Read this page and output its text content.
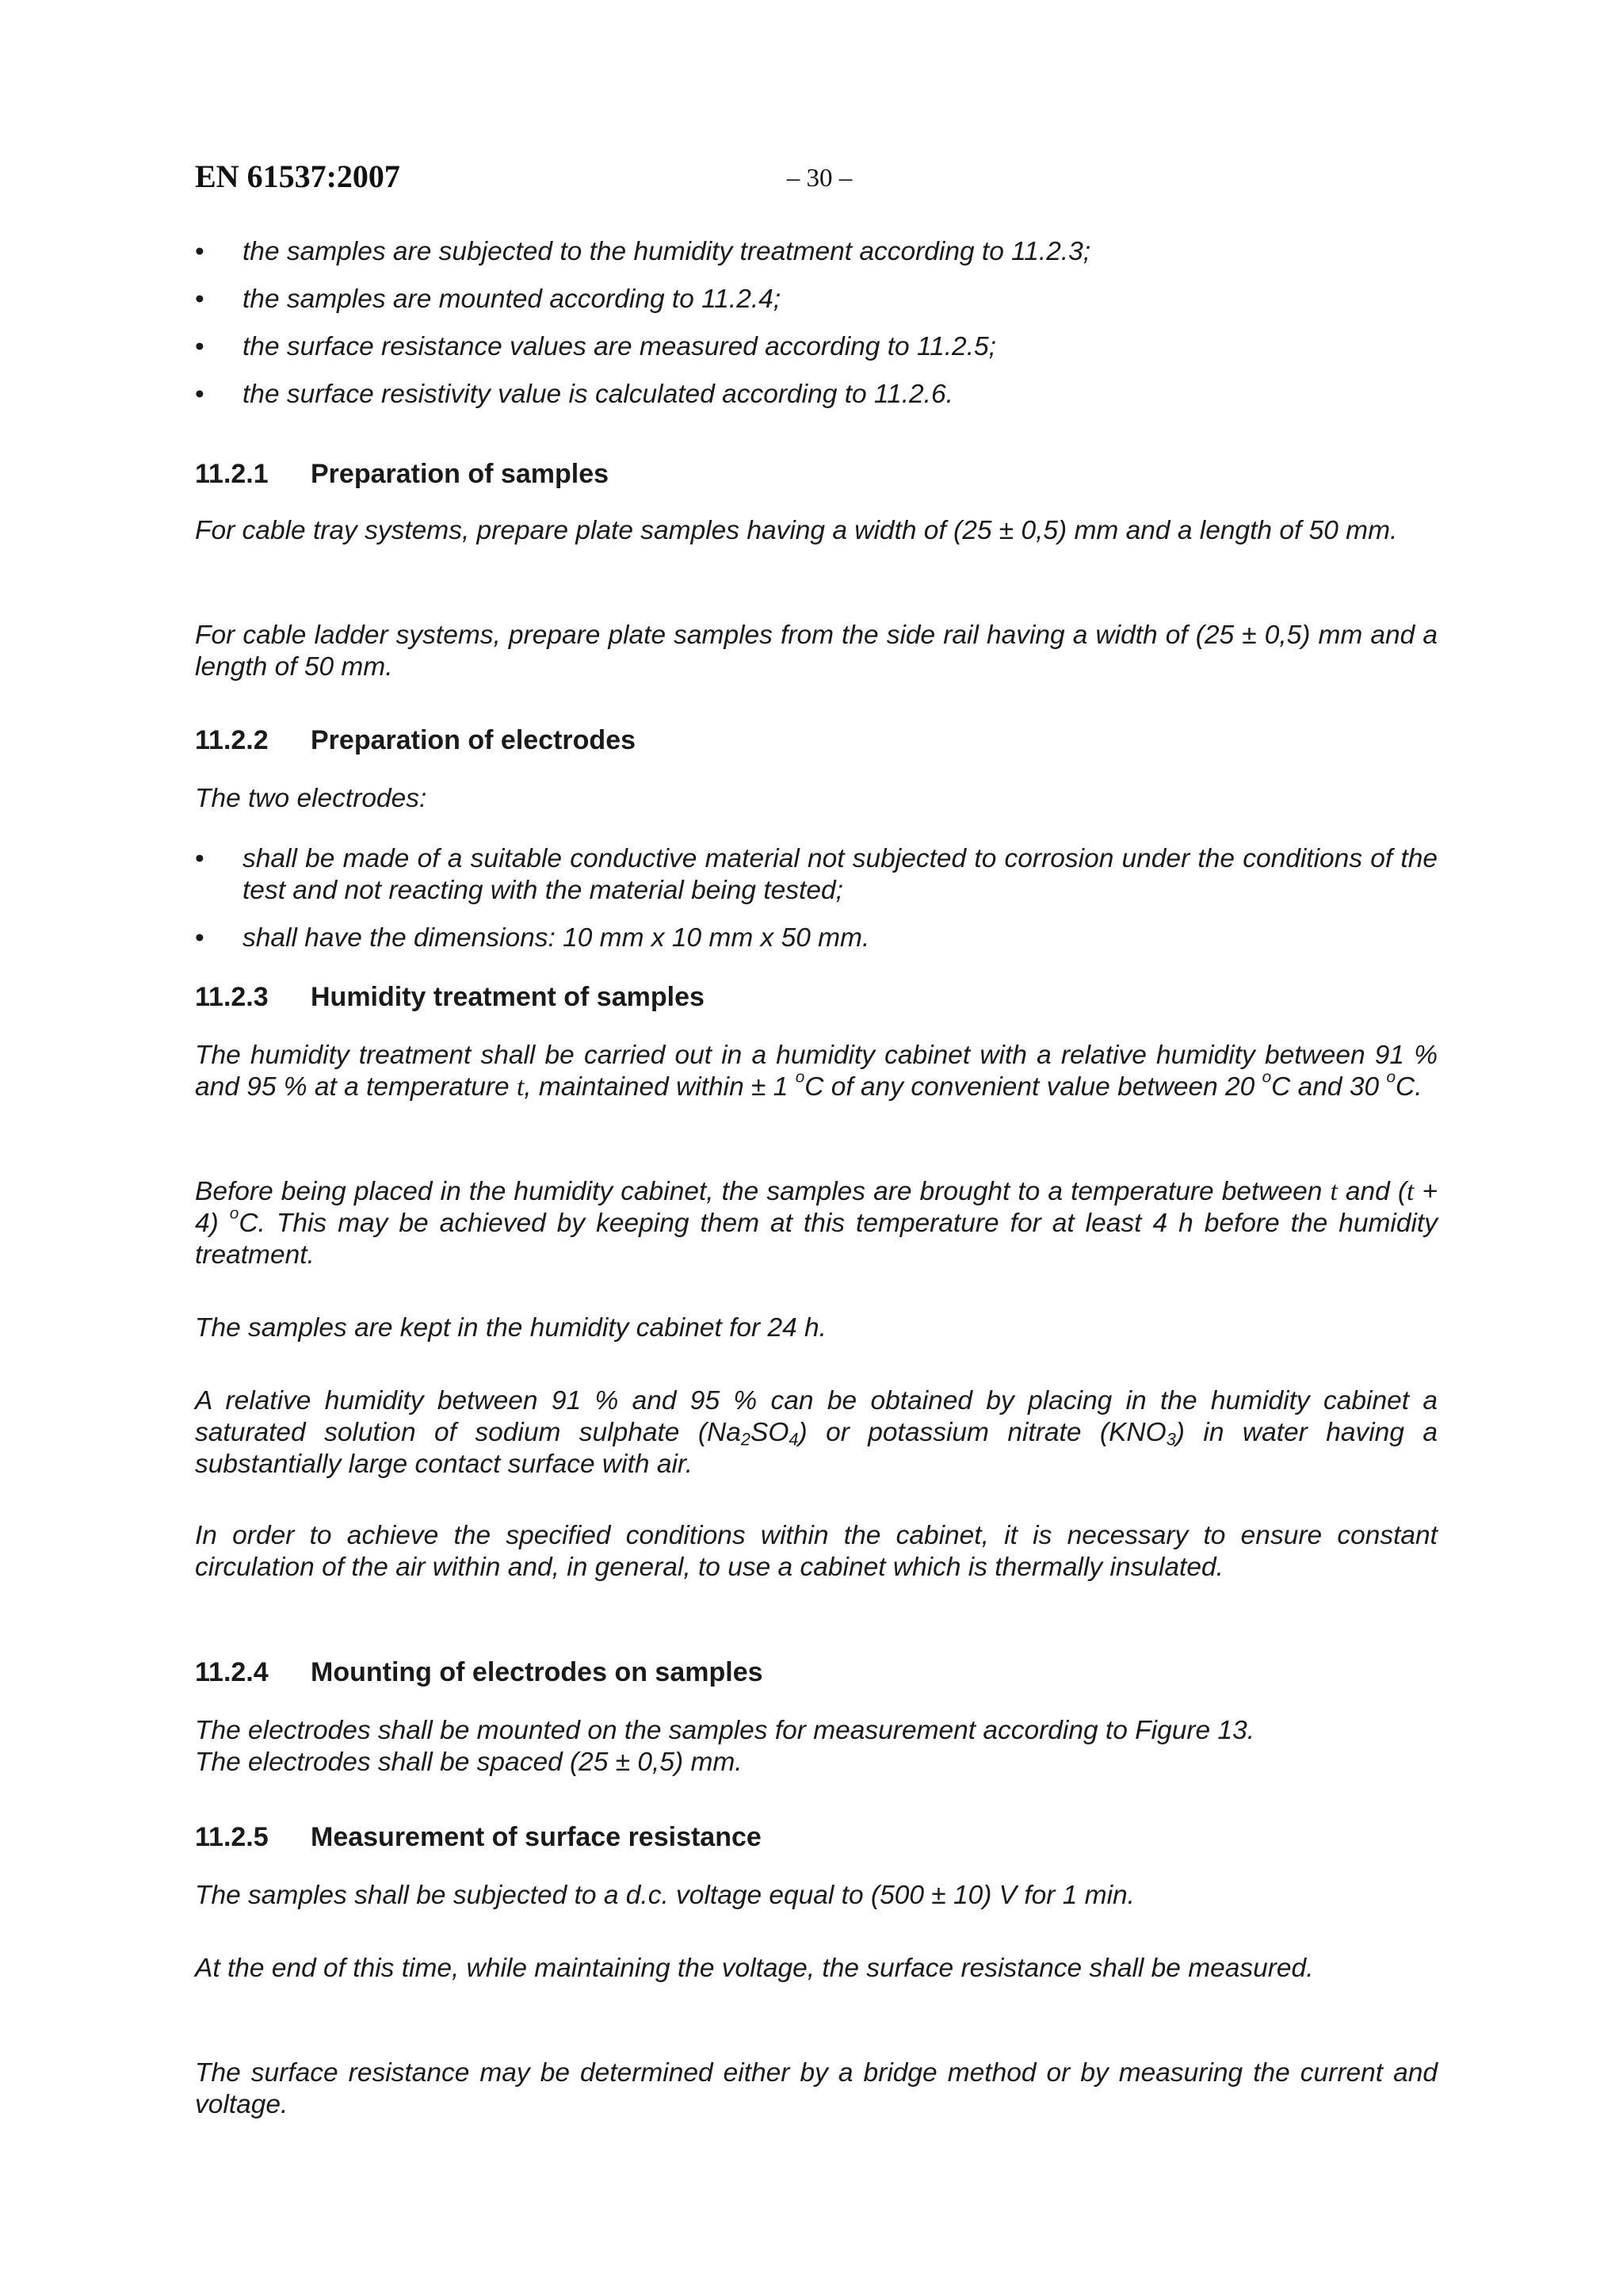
EN 61537:2007	– 30 –
•	the samples are subjected to the humidity treatment according to 11.2.3;
•	the samples are mounted according to 11.2.4;
•	the surface resistance values are measured according to 11.2.5;
•	the surface resistivity value is calculated according to 11.2.6.
11.2.1 Preparation of samples

For cable tray systems, prepare plate samples having a width of (25 ± 0,5) mm and a length of 50 mm.

For cable ladder systems, prepare plate samples from the side rail having a width of (25 ± 0,5) mm and a length of 50 mm.

11.2.2 Preparation of electrodes

The two electrodes:

•	shall be made of a suitable conductive material not subjected to corrosion under the conditions of the test and not reacting with the material being tested;
•	shall have the dimensions: 10 mm x 10 mm x 50 mm.
11.2.3 Humidity treatment of samples

The humidity treatment shall be carried out in a humidity cabinet with a relative humidity between 91 % and 95 % at a temperature t, maintained within ± 1 $^o$C of any convenient value between 20 $^o$C and 30 $^o$C.

Before being placed in the humidity cabinet, the samples are brought to a temperature between t and (t + 4) $^o$C. This may be achieved by keeping them at this temperature for at least 4 h before the humidity treatment.

The samples are kept in the humidity cabinet for 24 h.

A relative humidity between 91 % and 95 % can be obtained by placing in the humidity cabinet a saturated solution of sodium sulphate $(Na_2SO_4)$ or potassium nitrate $(KNO_3)$ in water having a substantially large contact surface with air.

In order to achieve the specified conditions within the cabinet, it is necessary to ensure constant circulation of the air within and, in general, to use a cabinet which is thermally insulated.

11.2.4 Mounting of electrodes on samples

The electrodes shall be mounted on the samples for measurement according to Figure 13.
The electrodes shall be spaced (25 ± 0,5) mm.

11.2.5 Measurement of surface resistance

The samples shall be subjected to a d.c. voltage equal to (500 ± 10) V for 1 min.

At the end of this time, while maintaining the voltage, the surface resistance shall be measured.

The surface resistance may be determined either by a bridge method or by measuring the current and voltage.
